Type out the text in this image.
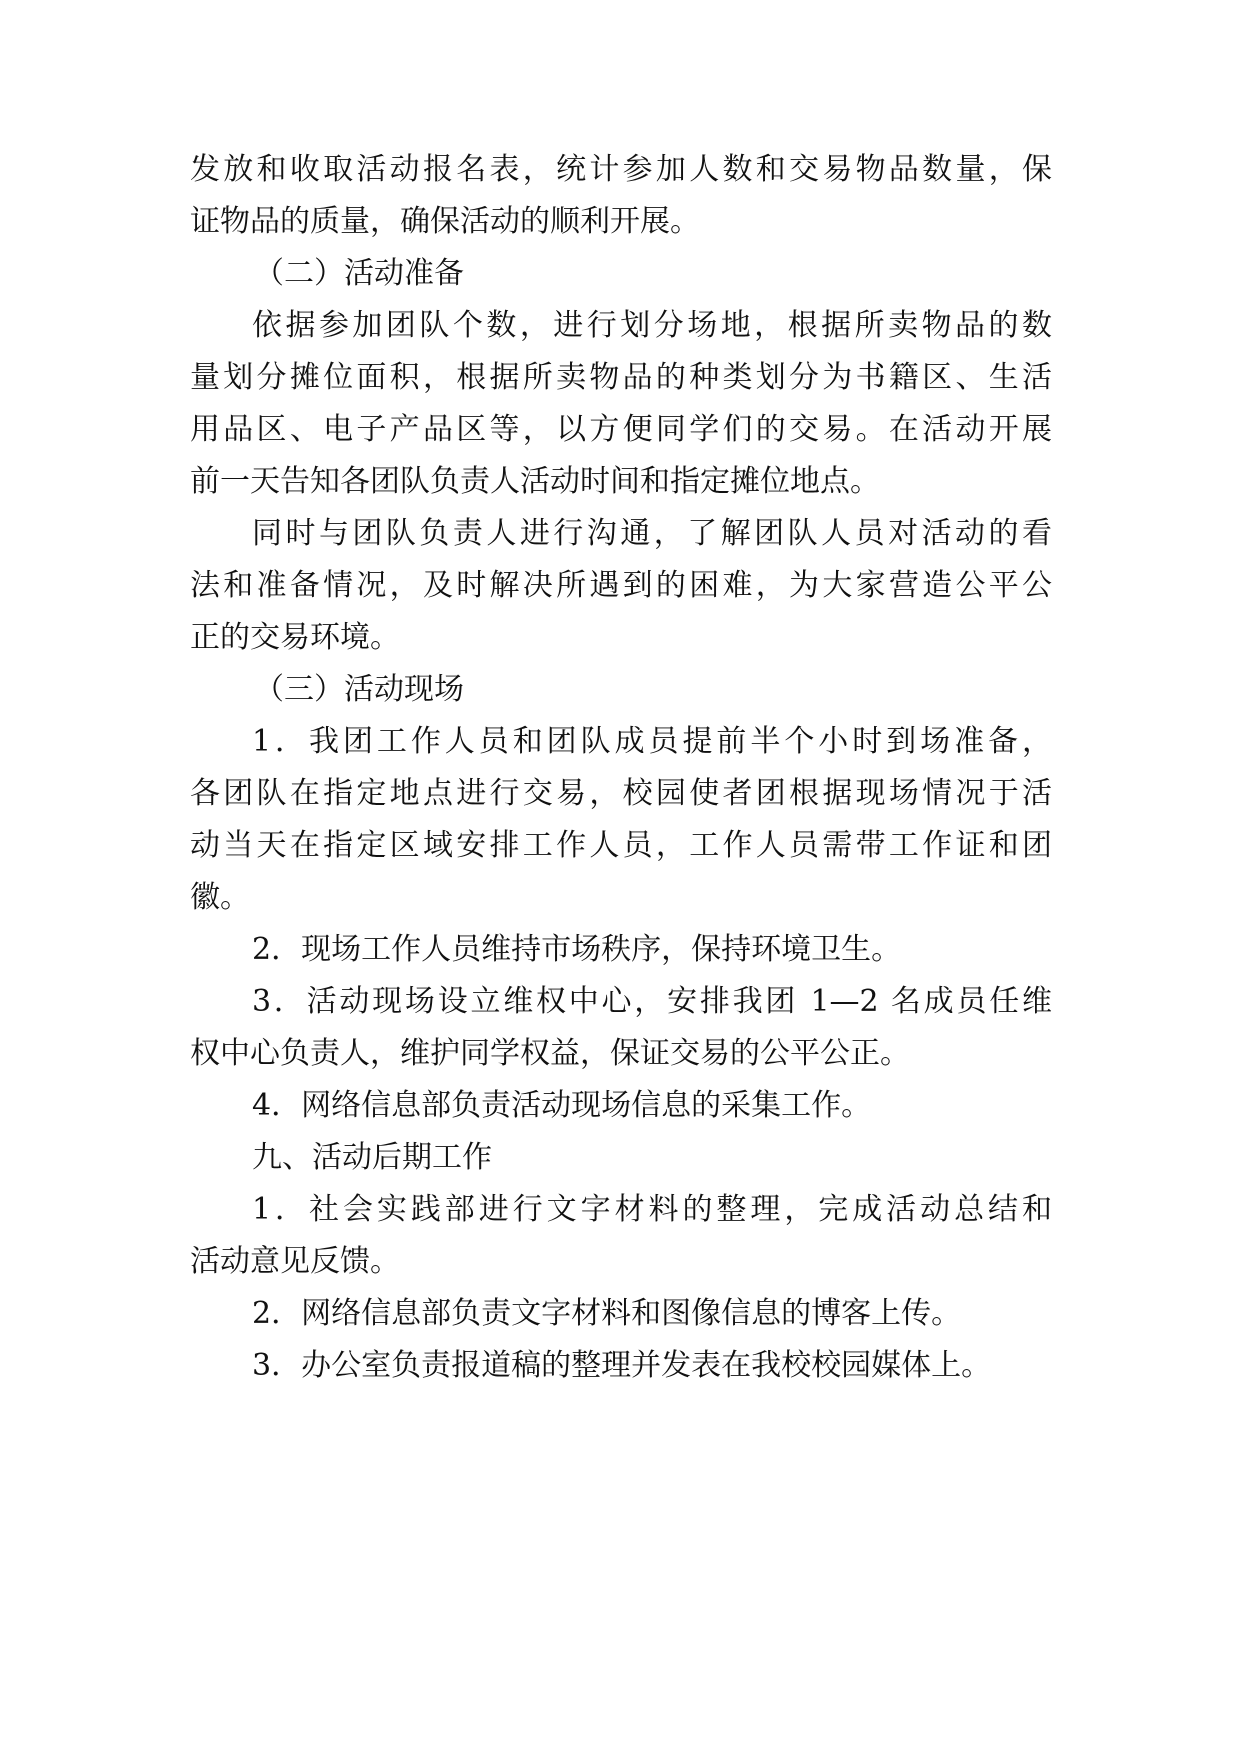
发放和收取活动报名表，统计参加人数和交易物品数量，保
证物品的质量，确保活动的顺利开展。
（二）活动准备
依据参加团队个数，进行划分场地，根据所卖物品的数
量划分摊位面积，根据所卖物品的种类划分为书籍区、生活
用品区、电子产品区等，以方便同学们的交易。在活动开展
前一天告知各团队负责人活动时间和指定摊位地点。
同时与团队负责人进行沟通，了解团队人员对活动的看
法和准备情况，及时解决所遇到的困难，为大家营造公平公
正的交易环境。
（三）活动现场
1．我团工作人员和团队成员提前半个小时到场准备，
各团队在指定地点进行交易，校园使者团根据现场情况于活
动当天在指定区域安排工作人员，工作人员需带工作证和团
徽。
2．现场工作人员维持市场秩序，保持环境卫生。
3．活动现场设立维权中心，安排我团 1—2 名成员任维
权中心负责人，维护同学权益，保证交易的公平公正。
4．网络信息部负责活动现场信息的采集工作。
九、活动后期工作
1．社会实践部进行文字材料的整理，完成活动总结和
活动意见反馈。
2．网络信息部负责文字材料和图像信息的博客上传。
3．办公室负责报道稿的整理并发表在我校校园媒体上。
